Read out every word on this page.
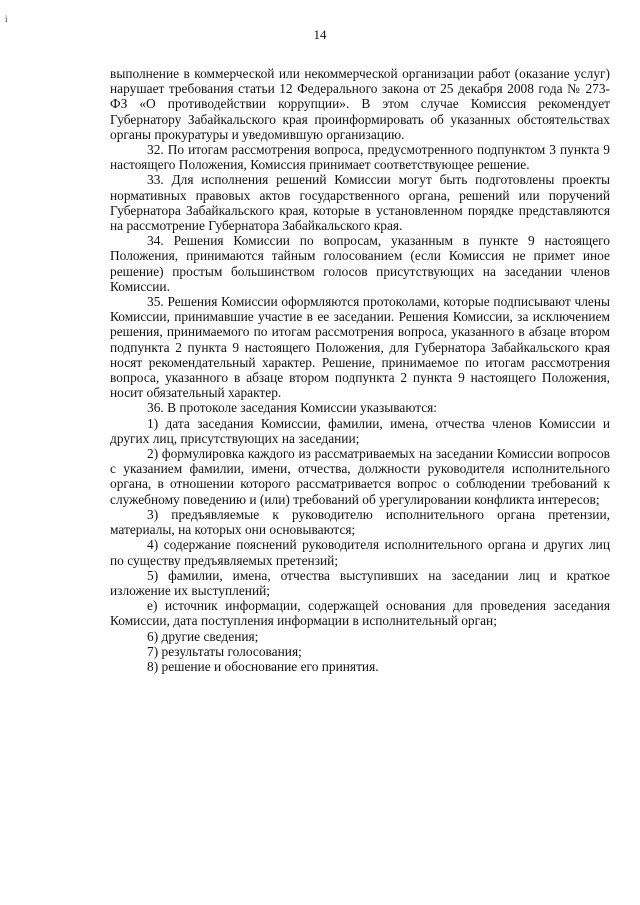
i
14

выполнение в коммерческой или некоммерческой организации работ (оказание услуг) нарушает требования статьи 12 Федерального закона от 25 декабря 2008 года № 273-ФЗ «О противодействии коррупции». В этом случае Комиссия рекомендует Губернатору Забайкальского края проинформировать об указанных обстоятельствах органы прокуратуры и уведомившую организацию.

32. По итогам рассмотрения вопроса, предусмотренного подпунктом 3 пункта 9 настоящего Положения, Комиссия принимает соответствующее решение.

33. Для исполнения решений Комиссии могут быть подготовлены проекты нормативных правовых актов государственного органа, решений или поручений Губернатора Забайкальского края, которые в установленном порядке представляются на рассмотрение Губернатора Забайкальского края.

34. Решения Комиссии по вопросам, указанным в пункте 9 настоящего Положения, принимаются тайным голосованием (если Комиссия не примет иное решение) простым большинством голосов присутствующих на заседании членов Комиссии.

35. Решения Комиссии оформляются протоколами, которые подписывают члены Комиссии, принимавшие участие в ее заседании. Решения Комиссии, за исключением решения, принимаемого по итогам рассмотрения вопроса, указанного в абзаце втором подпункта 2 пункта 9 настоящего Положения, для Губернатора Забайкальского края носят рекомендательный характер. Решение, принимаемое по итогам рассмотрения вопроса, указанного в абзаце втором подпункта 2 пункта 9 настоящего Положения, носит обязательный характер.

36. В протоколе заседания Комиссии указываются:

1) дата заседания Комиссии, фамилии, имена, отчества членов Комиссии и других лиц, присутствующих на заседании;

2) формулировка каждого из рассматриваемых на заседании Комиссии вопросов с указанием фамилии, имени, отчества, должности руководителя исполнительного органа, в отношении которого рассматривается вопрос о соблюдении требований к служебному поведению и (или) требований об урегулировании конфликта интересов;

3) предъявляемые к руководителю исполнительного органа претензии, материалы, на которых они основываются;

4) содержание пояснений руководителя исполнительного органа и других лиц по существу предъявляемых претензий;

5) фамилии, имена, отчества выступивших на заседании лиц и краткое изложение их выступлений;

е) источник информации, содержащей основания для проведения заседания Комиссии, дата поступления информации в исполнительный орган;

6) другие сведения;

7) результаты голосования;

8) решение и обоснование его принятия.
